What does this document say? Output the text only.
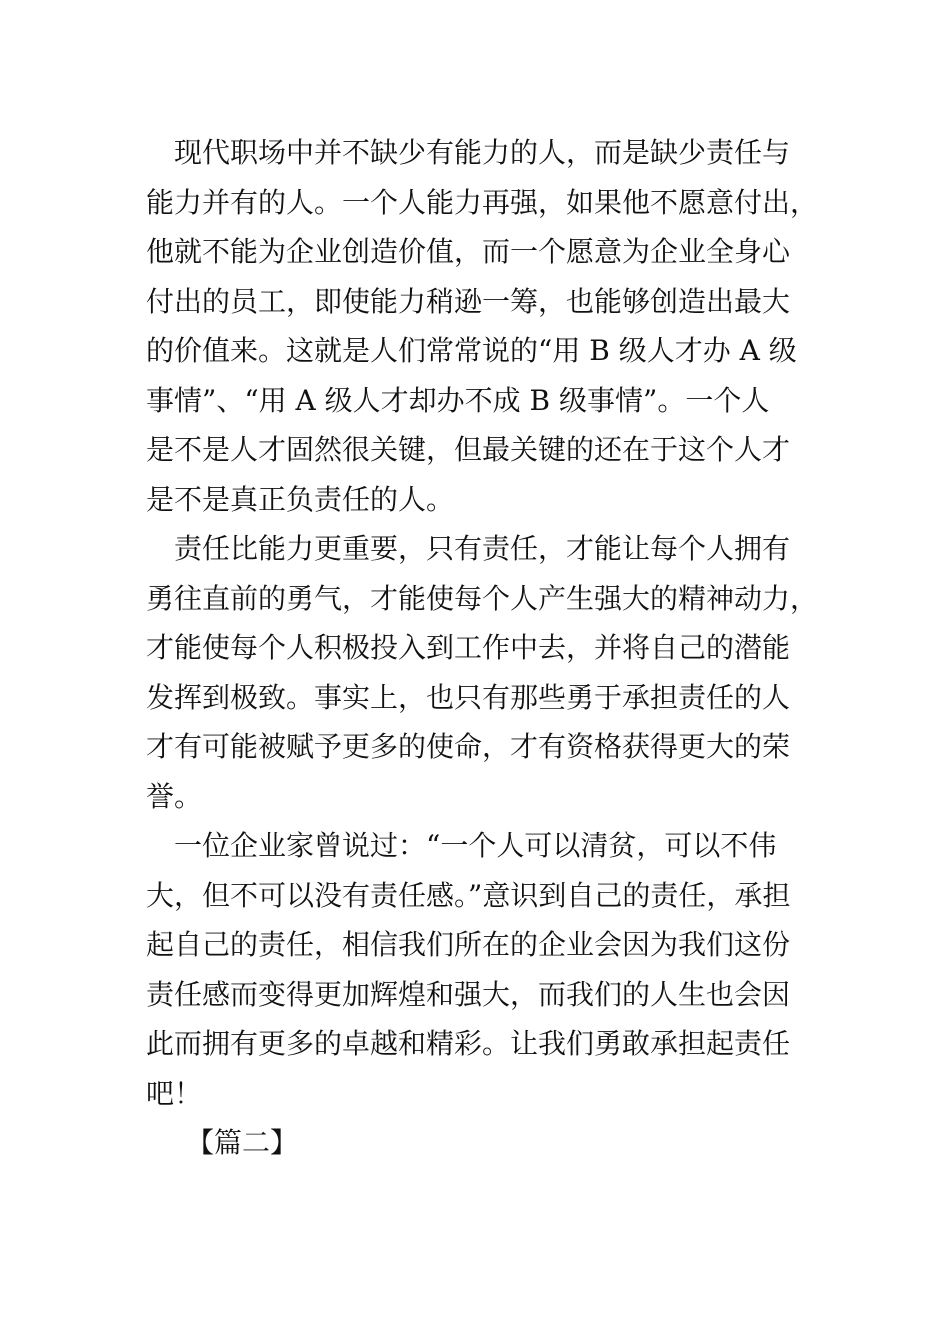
　现代职场中并不缺少有能力的人，而是缺少责任与
能力并有的人。一个人能力再强，如果他不愿意付出，
他就不能为企业创造价值，而一个愿意为企业全身心
付出的员工，即使能力稍逊一筹，也能够创造出最大
的价值来。这就是人们常常说的“用 B 级人才办 A 级
事情”、“用 A 级人才却办不成 B 级事情”。一个人
是不是人才固然很关键，但最关键的还在于这个人才
是不是真正负责任的人。
　责任比能力更重要，只有责任，才能让每个人拥有
勇往直前的勇气，才能使每个人产生强大的精神动力，
才能使每个人积极投入到工作中去，并将自己的潜能
发挥到极致。事实上，也只有那些勇于承担责任的人
才有可能被赋予更多的使命，才有资格获得更大的荣
誉。
　一位企业家曾说过：“一个人可以清贫，可以不伟
大，但不可以没有责任感。”意识到自己的责任，承担
起自己的责任，相信我们所在的企业会因为我们这份
责任感而变得更加辉煌和强大，而我们的人生也会因
此而拥有更多的卓越和精彩。让我们勇敢承担起责任
吧！
【篇二】
